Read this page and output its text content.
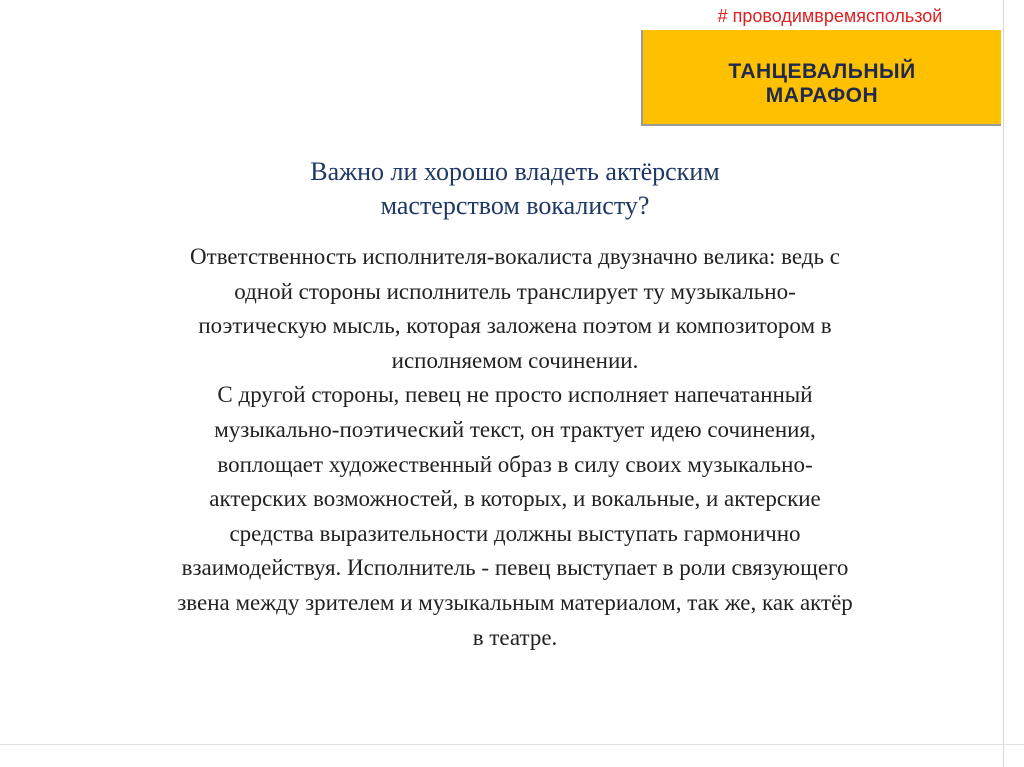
# проводимвремяспользой
ТАНЦЕВАЛЬНЫЙ
МАРАФОН
Важно ли хорошо владеть актёрским
мастерством вокалисту?
Ответственность исполнителя-вокалиста двузначно велика: ведь с
одной стороны исполнитель транслирует ту музыкально-
поэтическую мысль, которая заложена поэтом и композитором в
исполняемом сочинении.
С другой стороны, певец не просто исполняет напечатанный
музыкально-поэтический текст, он трактует идею сочинения,
воплощает художественный образ в силу своих музыкально-
актерских возможностей, в которых, и вокальные, и актерские
средства выразительности должны выступать гармонично
взаимодействуя. Исполнитель - певец выступает в роли связующего
звена между зрителем и музыкальным материалом, так же, как актёр
в театре.
